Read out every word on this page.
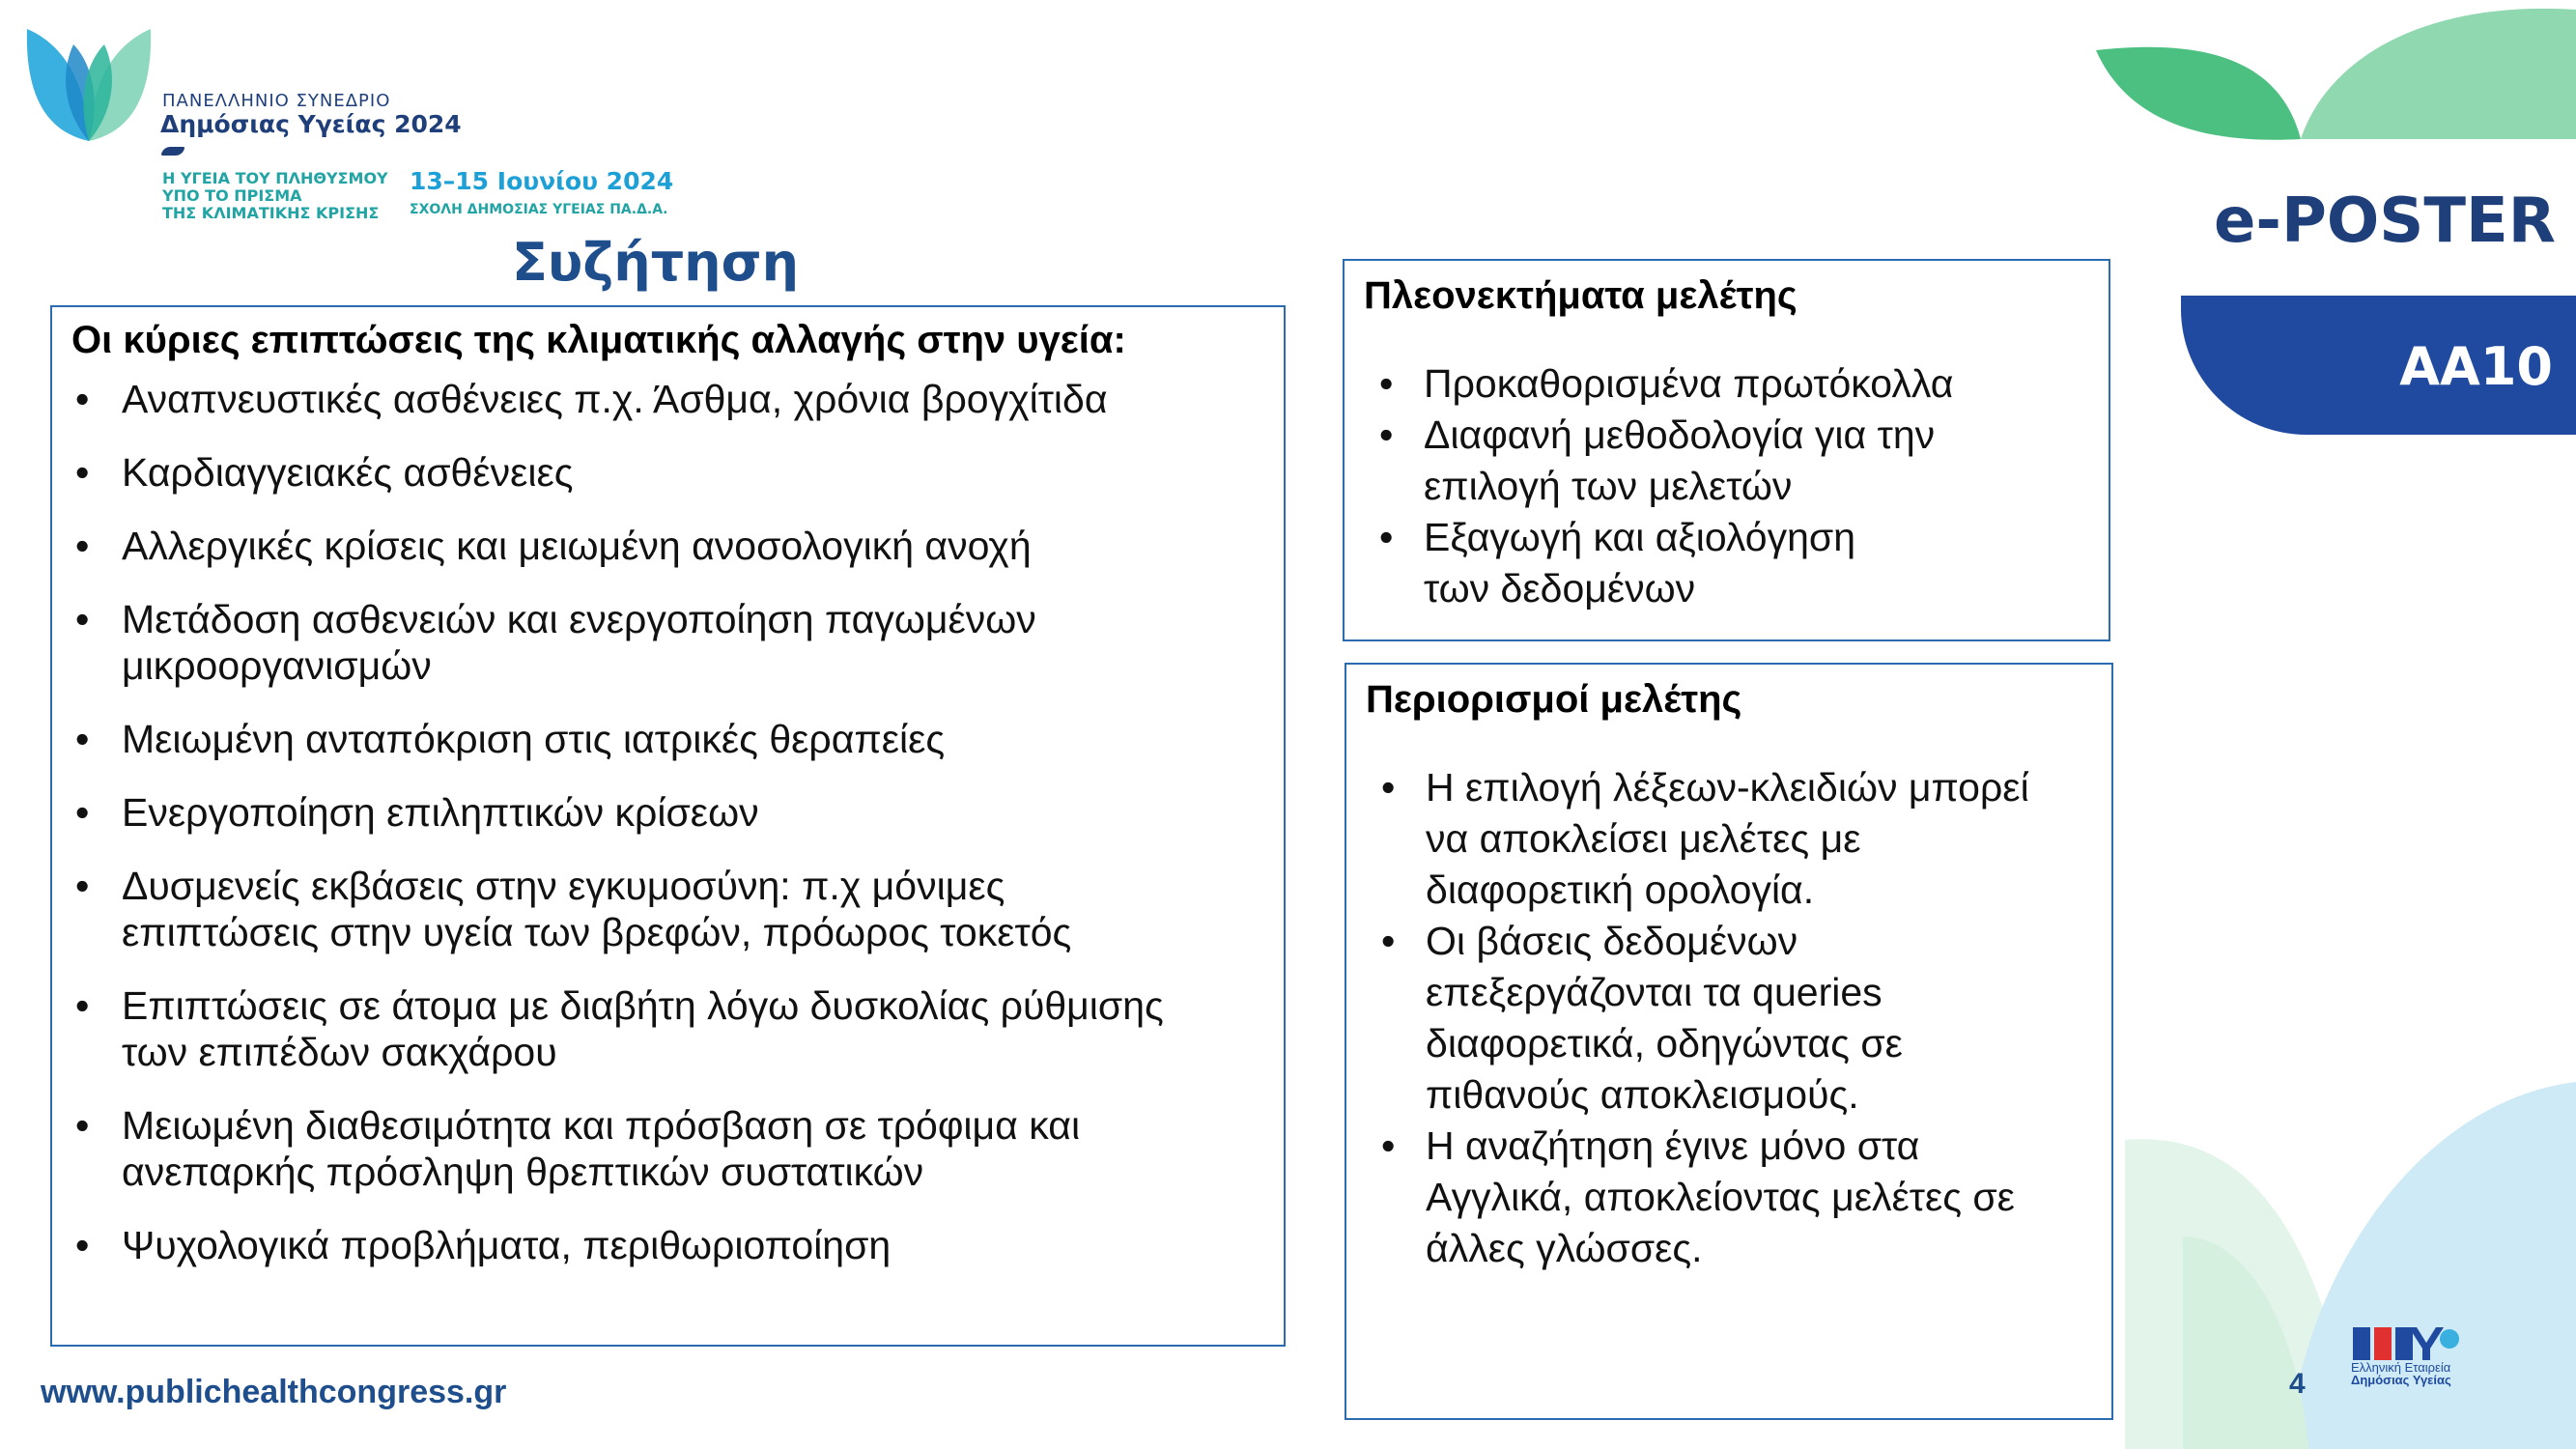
ΠΑΝΕΛΛΗΝΙΟ ΣΥΝΕΔΡΙΟ
Δημόσιας Υγείας 2024
Η ΥΓΕΙΑ ΤΟΥ ΠΛΗΘΥΣΜΟΥ
ΥΠΟ ΤΟ ΠΡΙΣΜΑ
ΤΗΣ ΚΛΙΜΑΤΙΚΗΣ ΚΡΙΣΗΣ
13–15 Ιουνίου 2024
ΣΧΟΛΗ ΔΗΜΟΣΙΑΣ ΥΓΕΙΑΣ ΠΑ.Δ.Α.
Συζήτηση
e-POSTER
ΑΑ10
Οι κύριες επιπτώσεις της κλιματικής αλλαγής στην υγεία:
• Αναπνευστικές ασθένειες π.χ. Άσθμα, χρόνια βρογχίτιδα
• Καρδιαγγειακές ασθένειες
• Αλλεργικές κρίσεις και μειωμένη ανοσολογική ανοχή
• Μετάδοση ασθενειών και ενεργοποίηση παγωμένων
μικροοργανισμών
• Μειωμένη ανταπόκριση στις ιατρικές θεραπείες
• Ενεργοποίηση επιληπτικών κρίσεων
• Δυσμενείς εκβάσεις στην εγκυμοσύνη: π.χ μόνιμες
επιπτώσεις στην υγεία των βρεφών, πρόωρος τοκετός
• Επιπτώσεις σε άτομα με διαβήτη λόγω δυσκολίας ρύθμισης
των επιπέδων σακχάρου
• Μειωμένη διαθεσιμότητα και πρόσβαση σε τρόφιμα και
ανεπαρκής πρόσληψη θρεπτικών συστατικών
• Ψυχολογικά προβλήματα, περιθωριοποίηση
Πλεονεκτήματα μελέτης
• Προκαθορισμένα πρωτόκολλα
• Διαφανή μεθοδολογία για την
επιλογή των μελετών
• Εξαγωγή και αξιολόγηση
των δεδομένων
Περιορισμοί μελέτης
• Η επιλογή λέξεων-κλειδιών μπορεί
να αποκλείσει μελέτες με
διαφορετική ορολογία.
• Οι βάσεις δεδομένων
επεξεργάζονται τα queries
διαφορετικά, οδηγώντας σε
πιθανούς αποκλεισμούς.
• Η αναζήτηση έγινε μόνο στα
Αγγλικά, αποκλείοντας μελέτες σε
άλλες γλώσσες.
www.publichealthcongress.gr	4
Ελληνική Εταιρεία
Δημόσιας Υγείας
